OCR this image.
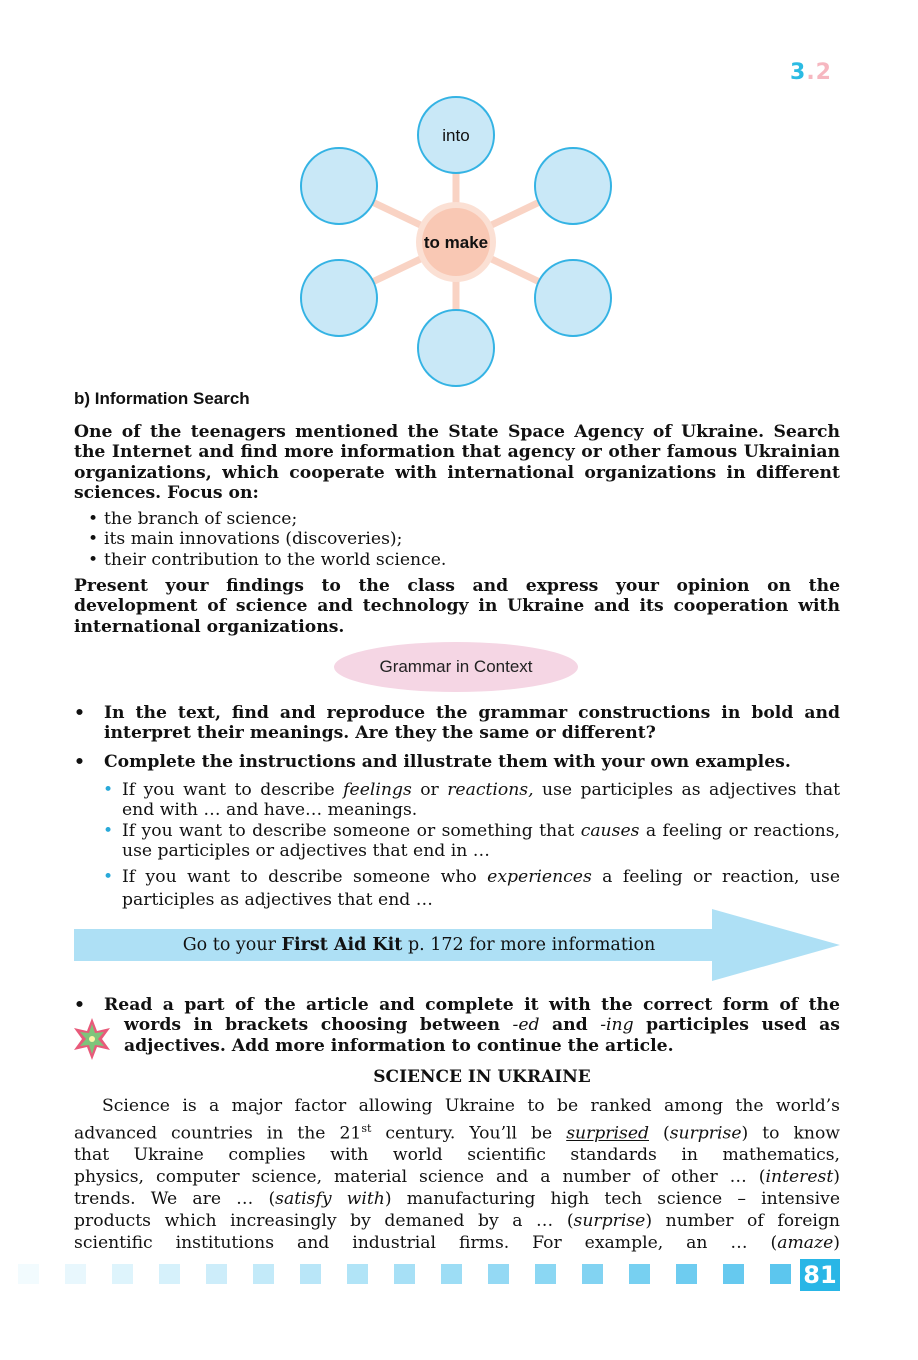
3.2
into
to make
b) Information Search
One of the teenagers mentioned the State Space Agency of Ukraine. Search the Internet and find more information that agency or other famous Ukrainian organizations, which cooperate with international organizations in different sciences. Focus on:
• the branch of science;
• its main innovations (discoveries);
• their contribution to the world science.
Present your findings to the class and express your opinion on the development of science and technology in Ukraine and its cooperation with international organizations.
Grammar in Context
• In the text, find and reproduce the grammar constructions in bold and interpret their meanings. Are they the same or different?
• Complete the instructions and illustrate them with your own examples.
• If you want to describe feelings or reactions, use participles as adjectives that end with … and have… meanings.
• If you want to describe someone or something that causes a feeling or reactions, use participles or adjectives that end in …
• If you want to describe someone who experiences a feeling or reaction, use participles as adjectives that end …
Go to your First Aid Kit p. 172 for more information
• Read a part of the article and complete it with the correct form of the words in brackets choosing between -ed and -ing participles used as adjectives. Add more information to continue the article.
SCIENCE IN UKRAINE
Science is a major factor allowing Ukraine to be ranked among the world’s
advanced countries in the 21st century. You’ll be surprised (surprise) to know
that Ukraine complies with world scientific standards in mathematics,
physics, computer science, material science and a number of other … (interest)
trends. We are … (satisfy with) manufacturing high tech science – intensive
products which increasingly by demaned by a … (surprise) number of foreign
scientific institutions and industrial firms. For example, an … (amaze)
81
